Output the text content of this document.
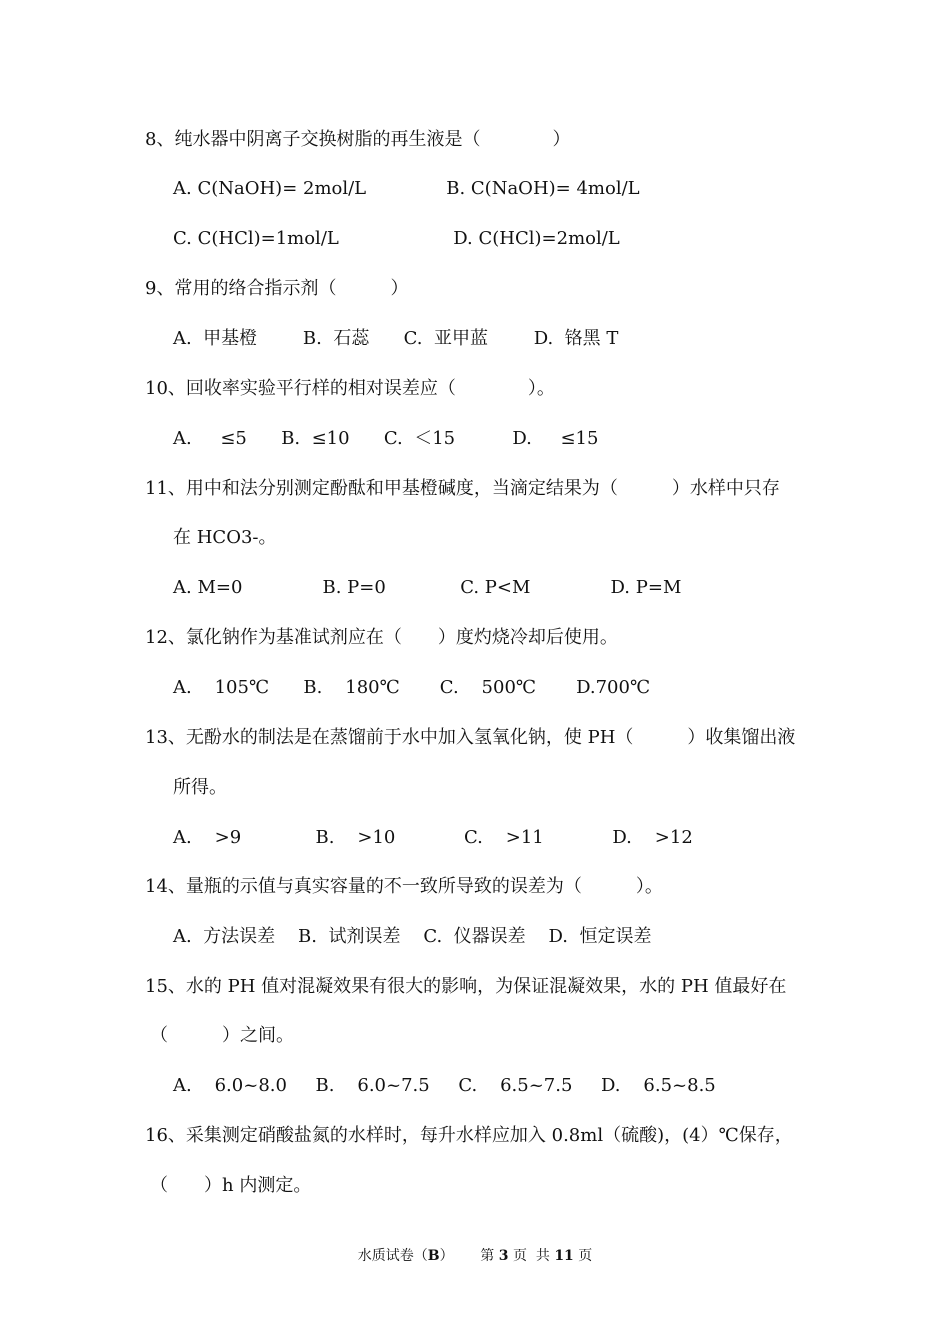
8、纯水器中阴离子交换树脂的再生液是（　　　　）
A. C(NaOH)= 2mol/L              B. C(NaOH)= 4mol/L
C. C(HCl)=1mol/L                    D. C(HCl)=2mol/L
9、常用的络合指示剂（　　　）
A.  甲基橙        B.  石蕊      C.  亚甲蓝        D.  铬黑 T
10、回收率实验平行样的相对误差应（　　　　）。
A.     ≤5      B.  ≤10      C.  ＜15          D.     ≤15
11、用中和法分别测定酚酞和甲基橙碱度，当滴定结果为（　　　）水样中只存
在 HCO3-。
A. M=0              B. P=0             C. P<M              D. P=M
12、氯化钠作为基准试剂应在（　　）度灼烧冷却后使用。
A.    105℃      B.    180℃       C.    500℃       D.700℃
13、无酚水的制法是在蒸馏前于水中加入氢氧化钠，使 PH（　　　）收集馏出液
所得。
A.    >9             B.    >10            C.    >11            D.    >12
14、量瓶的示值与真实容量的不一致所导致的误差为（　　　）。
A.  方法误差    B.  试剂误差    C.  仪器误差    D.  恒定误差
15、水的 PH 值对混凝效果有很大的影响，为保证混凝效果，水的 PH 值最好在
（　　　）之间。
A.    6.0~8.0     B.    6.0~7.5     C.    6.5~7.5     D.    6.5~8.5
16、采集测定硝酸盐氮的水样时，每升水样应加入 0.8ml（硫酸)，(4）℃保存，
（　　）h 内测定。
水质试卷（B） 第 3 页  共 11 页
